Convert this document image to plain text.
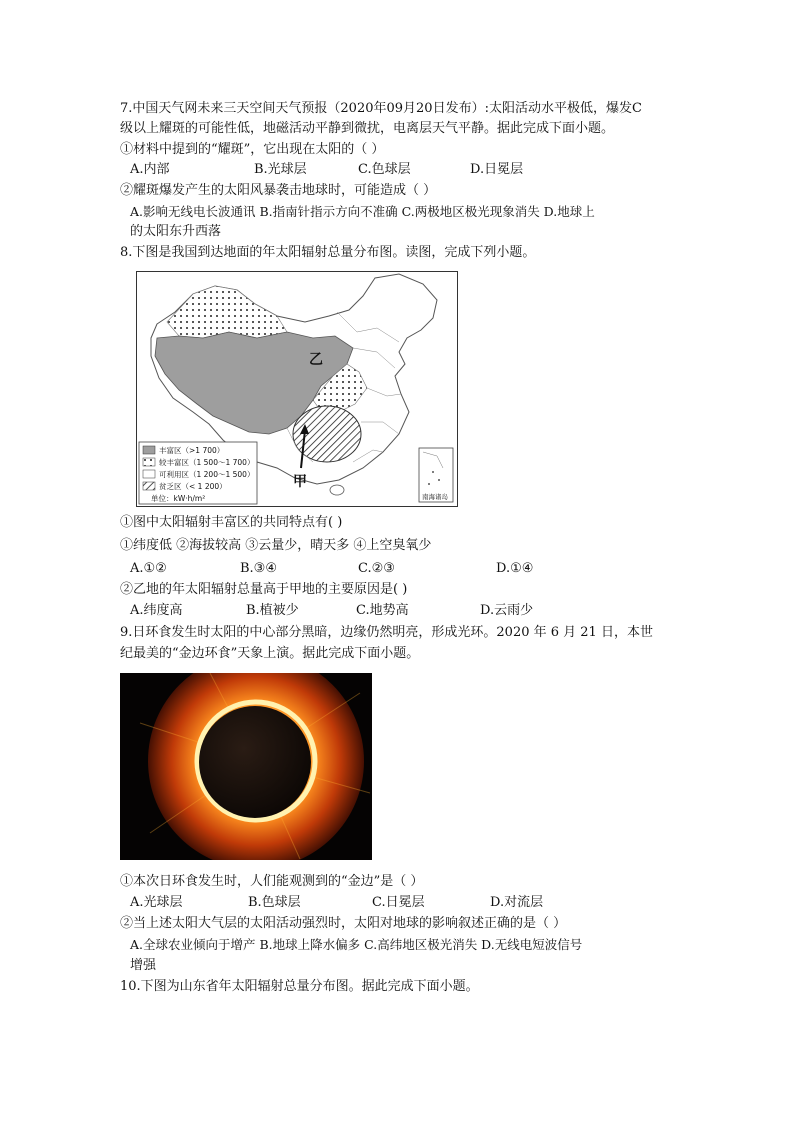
7.中国天气网未来三天空间天气预报（2020年09月20日发布）:太阳活动水平极低，爆发C
级以上耀斑的可能性低，地磁活动平静到微扰，电离层天气平静。据此完成下面小题。
①材料中提到的“耀斑”，它出现在太阳的（ ）
A.内部	B.光球层	C.色球层	D.日冕层
②耀斑爆发产生的太阳风暴袭击地球时，可能造成（ ）
A.影响无线电长波通讯 B.指南针指示方向不准确 C.两极地区极光现象消失 D.地球上
的太阳东升西落
8.下图是我国到达地面的年太阳辐射总量分布图。读图，完成下列小题。
乙
甲
丰富区（>1 700）
较丰富区（1 500～1 700）
可利用区（1 200～1 500）
贫乏区（< 1 200）
单位：kW·h/m²	南海诸岛
①图中太阳辐射丰富区的共同特点有( )
①纬度低 ②海拔较高 ③云量少，晴天多 ④上空臭氧少
A.①②	B.③④	C.②③	D.①④
②乙地的年太阳辐射总量高于甲地的主要原因是( )
A.纬度高	B.植被少	C.地势高	D.云雨少
9.日环食发生时太阳的中心部分黑暗，边缘仍然明亮，形成光环。2020 年 6 月 21 日，本世
纪最美的“金边环食”天象上演。据此完成下面小题。
①本次日环食发生时，人们能观测到的“金边”是（ ）
A.光球层	B.色球层	C.日冕层	D.对流层
②当上述太阳大气层的太阳活动强烈时，太阳对地球的影响叙述正确的是（ ）
A.全球农业倾向于增产 B.地球上降水偏多 C.高纬地区极光消失 D.无线电短波信号
增强
10.下图为山东省年太阳辐射总量分布图。据此完成下面小题。
